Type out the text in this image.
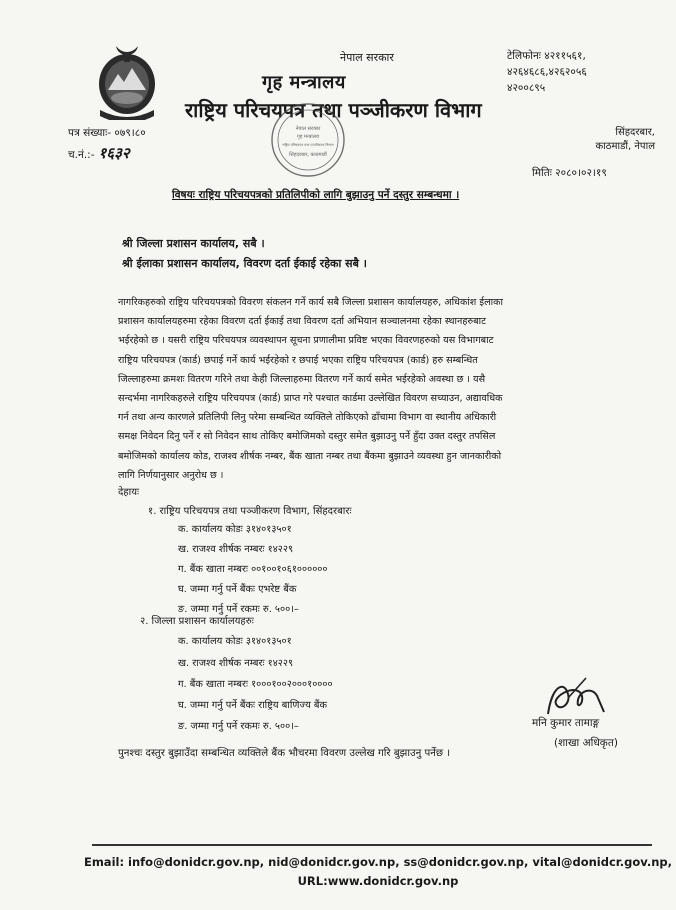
नेपाल सरकार
गृह मन्त्रालय
राष्ट्रिय परिचयपत्र तथा पञ्जीकरण विभाग
टेलिफोनः ४२११५६१,
४२६४६८६,४२६२०५६
४२००८९५
नेपाल सरकार
गृह मन्त्रालय
राष्ट्रिय परिचयपत्र तथा पञ्जीकरण विभाग
सिंहदरबार, काठमाडौं
पत्र संख्याः- ०७९।८०
च.नं.:- १६३२
सिंहदरबार,
काठमाडौं, नेपाल
मितिः २०८०।०२।१९
विषयः राष्ट्रिय परिचयपत्रको प्रतिलिपीको लागि बुझाउनु पर्ने दस्तुर सम्बन्धमा ।
श्री जिल्ला प्रशासन कार्यालय, सबै ।
श्री ईलाका प्रशासन कार्यालय, विवरण दर्ता ईकाई रहेका सबै ।
नागरिकहरुको राष्ट्रिय परिचयपत्रको विवरण संकलन गर्ने कार्य सबै जिल्ला प्रशासन कार्यालयहरु, अधिकांश ईलाका
प्रशासन कार्यालयहरुमा रहेका विवरण दर्ता ईकाई तथा विवरण दर्ता अभियान सञ्चालनमा रहेका स्थानहरुबाट
भईरहेको छ । यसरी राष्ट्रिय परिचयपत्र व्यवस्थापन सूचना प्रणालीमा प्रविष्ट भएका विवरणहरुको यस विभागबाट
राष्ट्रिय परिचयपत्र (कार्ड) छपाई गर्ने कार्य भईरहेको र छपाई भएका राष्ट्रिय परिचयपत्र (कार्ड) हरु सम्बन्धित
जिल्लाहरुमा क्रमशः वितरण गरिने तथा केही जिल्लाहरुमा वितरण गर्ने कार्य समेत भईरहेको अवस्था छ । यसै
सन्दर्भमा नागरिकहरुले राष्ट्रिय परिचयपत्र (कार्ड) प्राप्त गरे पश्चात कार्डमा उल्लेखित विवरण सच्याउन, अद्यावधिक
गर्न तथा अन्य कारणले प्रतिलिपी लिनु परेमा सम्बन्धित व्यक्तिले तोकिएको ढाँचामा विभाग वा स्थानीय अधिकारी
समक्ष निवेदन दिनु पर्ने र सो निवेदन साथ तोकिए बमोजिमको दस्तुर समेत बुझाउनु पर्ने हुँदा उक्त दस्तुर तपसिल
बमोजिमको कार्यालय कोड, राजश्व शीर्षक नम्बर, बैंक खाता नम्बर तथा बैंकमा बुझाउने व्यवस्था हुन जानकारीको
लागि निर्णयानुसार अनुरोध छ ।
देहायः
१. राष्ट्रिय परिचयपत्र तथा पञ्जीकरण विभाग, सिंहदरबारः
क. कार्यालय कोडः ३१४०१३५०१
ख. राजश्व शीर्षक नम्बरः १४२२९
ग. बैंक खाता नम्बरः ००१००१०६१००००००
घ. जम्मा गर्नु पर्ने बैंकः एभरेष्ट बैंक
ङ. जम्मा गर्नु पर्ने रकमः रु. ५००।–
२. जिल्ला प्रशासन कार्यालयहरुः
क. कार्यालय कोडः ३१४०१३५०१
ख. राजश्व शीर्षक नम्बरः १४२२९
ग. बैंक खाता नम्बरः १०००१००२०००१००००
घ. जम्मा गर्नु पर्ने बैंकः राष्ट्रिय बाणिज्य बैंक
ङ. जम्मा गर्नु पर्ने रकमः रु. ५००।–	मनि कुमार तामाङ्ग
(शाखा अधिकृत)
पुनश्चः दस्तुर बुझाउँदा सम्बन्धित व्यक्तिले बैंक भौचरमा विवरण उल्लेख गरि बुझाउनु पर्नेछ ।
Email: info@donidcr.gov.np, nid@donidcr.gov.np, ss@donidcr.gov.np, vital@donidcr.gov.np,
URL:www.donidcr.gov.np
